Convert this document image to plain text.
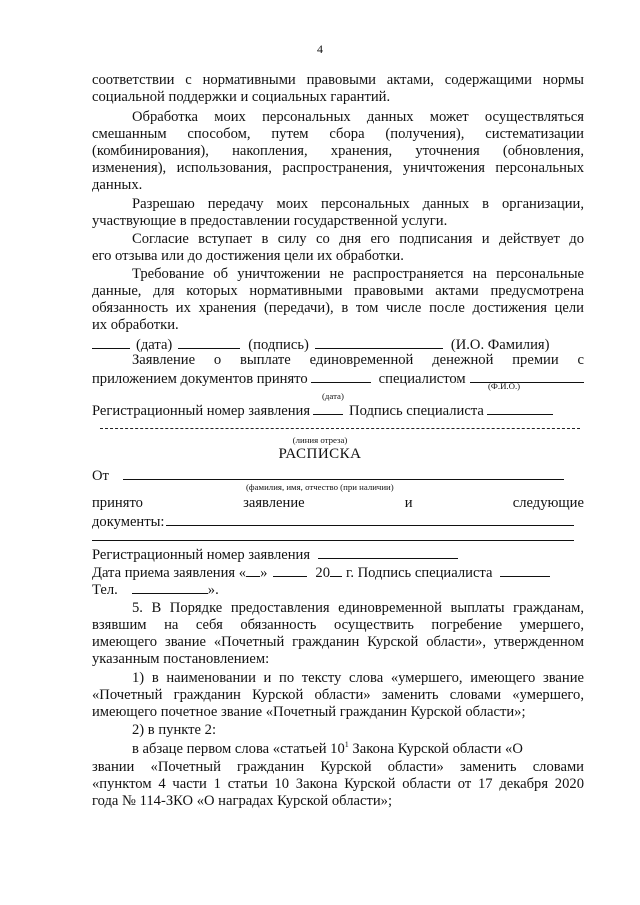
4
соответствии с нормативными правовыми актами, содержащими нормы
социальной поддержки и социальных гарантий.
Обработка моих персональных данных может осуществляться
смешанным способом, путем сбора (получения), систематизации
(комбинирования), накопления, хранения, уточнения (обновления,
изменения), использования, распространения, уничтожения персональных
данных.
Разрешаю передачу моих персональных данных в организации,
участвующие в предоставлении государственной услуги.
Согласие вступает в силу со дня его подписания и действует до
его отзыва или до достижения цели их обработки.
Требование об уничтожении не распространяется на персональные
данные, для которых нормативными правовыми актами предусмотрена
обязанность их хранения (передачи), в том числе после достижения цели
их обработки.
(дата)	(подпись)	(И.О. Фамилия)
Заявление о выплате единовременной денежной премии с
приложением документов принято	специалистом	(Ф.И.О.)
(дата)
Регистрационный номер заявления	Подпись специалиста
(линия отреза)
РАСПИСКА
От
(фамилия, имя, отчество (при наличии)
принято	заявление	и	следующие
документы:
Регистрационный номер заявления
Дата приема заявления « »	20 г. Подпись специалиста
Тел.	».
5. В Порядке предоставления единовременной выплаты гражданам,
взявшим на себя обязанность осуществить погребение умершего,
имеющего звание «Почетный гражданин Курской области», утвержденном
указанным постановлением:
1) в наименовании и по тексту слова «умершего, имеющего звание
«Почетный гражданин Курской области» заменить словами «умершего,
имеющего почетное звание «Почетный гражданин Курской области»;
2) в пункте 2:
в абзаце первом слова «статьей $10^1$ Закона Курской области «О
звании «Почетный гражданин Курской области» заменить словами
«пунктом 4 части 1 статьи 10 Закона Курской области от 17 декабря 2020
года № 114-ЗКО «О наградах Курской области»;
